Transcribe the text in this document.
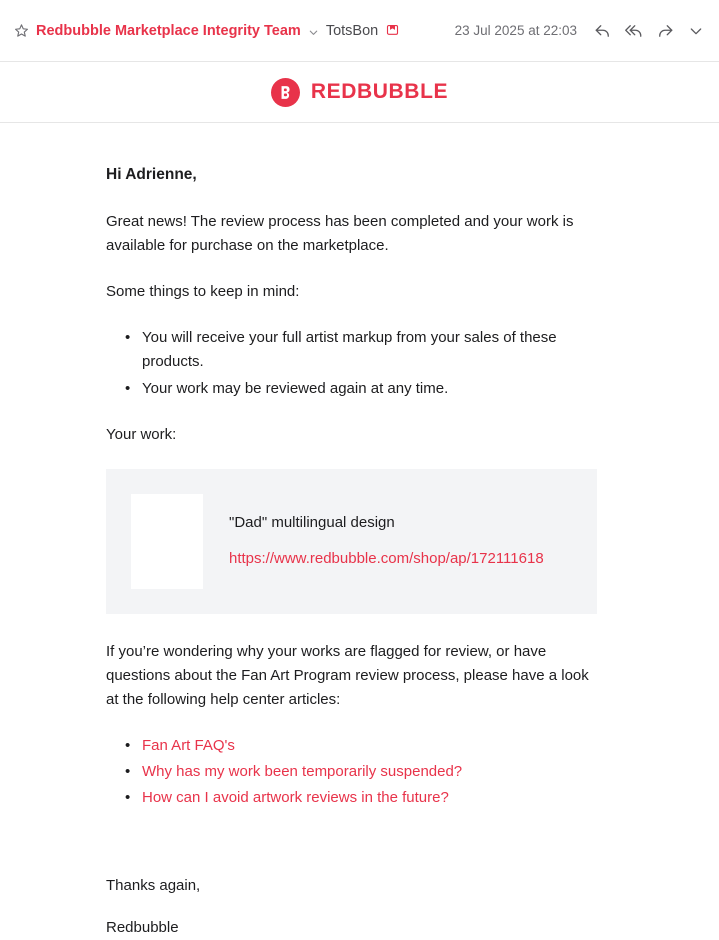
Redbubble Marketplace Integrity Team TotsBon	23 Jul 2025 at 22:03
REDBUBBLE

Hi Adrienne,

Great news! The review process has been completed and your work is available for purchase on the marketplace.

Some things to keep in mind:

• You will receive your full artist markup from your sales of these products.
• Your work may be reviewed again at any time.

Your work:

"Dad" multilingual design
https://www.redbubble.com/shop/ap/172111618

If you’re wondering why your works are flagged for review, or have questions about the Fan Art Program review process, please have a look at the following help center articles:

• Fan Art FAQ's
• Why has my work been temporarily suspended?
• How can I avoid artwork reviews in the future?

Thanks again,

Redbubble
